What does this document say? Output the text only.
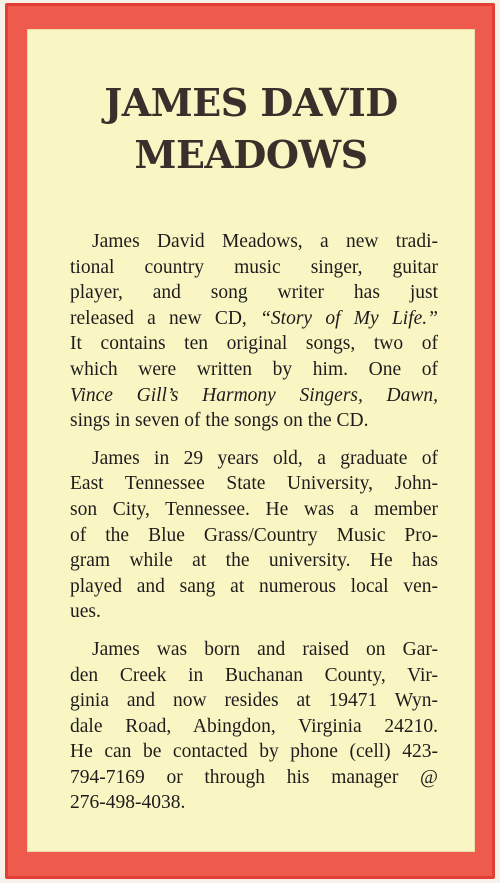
JAMES DAVID
MEADOWS

James David Meadows, a new tradi-
tional country music singer, guitar
player, and song writer has just
released a new CD, “Story of My Life.”
It contains ten original songs, two of
which were written by him. One of
Vince Gill’s Harmony Singers, Dawn,
sings in seven of the songs on the CD.

James in 29 years old, a graduate of
East Tennessee State University, John-
son City, Tennessee. He was a member
of the Blue Grass/Country Music Pro-
gram while at the university. He has
played and sang at numerous local ven-
ues.

James was born and raised on Gar-
den Creek in Buchanan County, Vir-
ginia and now resides at 19471 Wyn-
dale Road, Abingdon, Virginia 24210.
He can be contacted by phone (cell) 423-
794-7169 or through his manager @
276-498-4038.
